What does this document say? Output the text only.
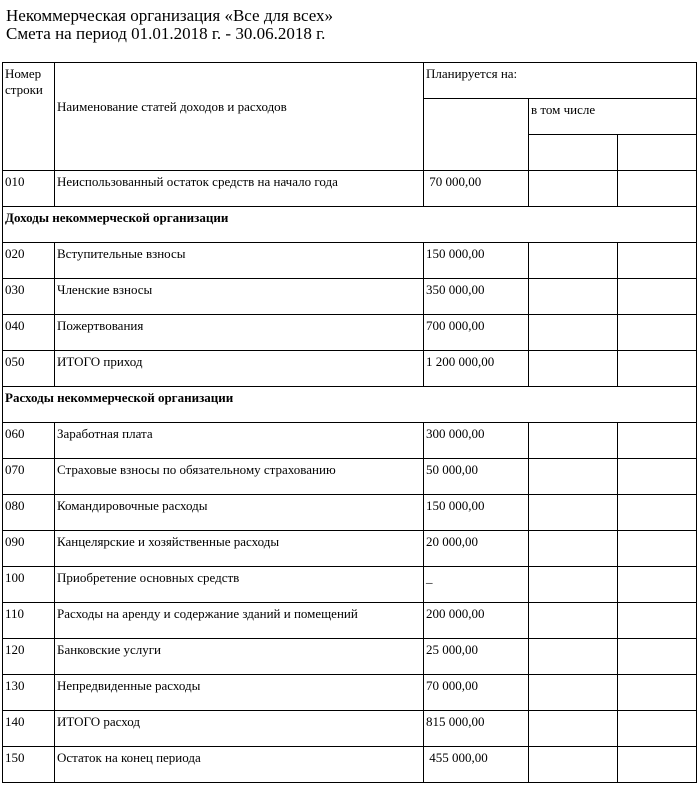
Некоммерческая организация «Все для всех»
Смета на период 01.01.2018 г. - 30.06.2018 г.
Номер строки	Наименование статей доходов и расходов	Планируется на:		

			в том числе	

010	Неиспользованный остаток средств на начало года	70 000,00		

Доходы некоммерческой организации				

020	Вступительные взносы	150 000,00		

030	Членские взносы	350 000,00		

040	Пожертвования	700 000,00		

050	ИТОГО приход	1 200 000,00		

Расходы некоммерческой организации				

060	Заработная плата	300 000,00		

070	Страховые взносы по обязательному страхованию	50 000,00		

080	Командировочные расходы	150 000,00		

090	Канцелярские и хозяйственные расходы	20 000,00		

100	Приобретение основных средств	_		

110	Расходы на аренду и содержание зданий и помещений	200 000,00		

120	Банковские услуги	25 000,00		

130	Непредвиденные расходы	70 000,00		

140	ИТОГО расход	815 000,00		

150	Остаток на конец периода	455 000,00		
